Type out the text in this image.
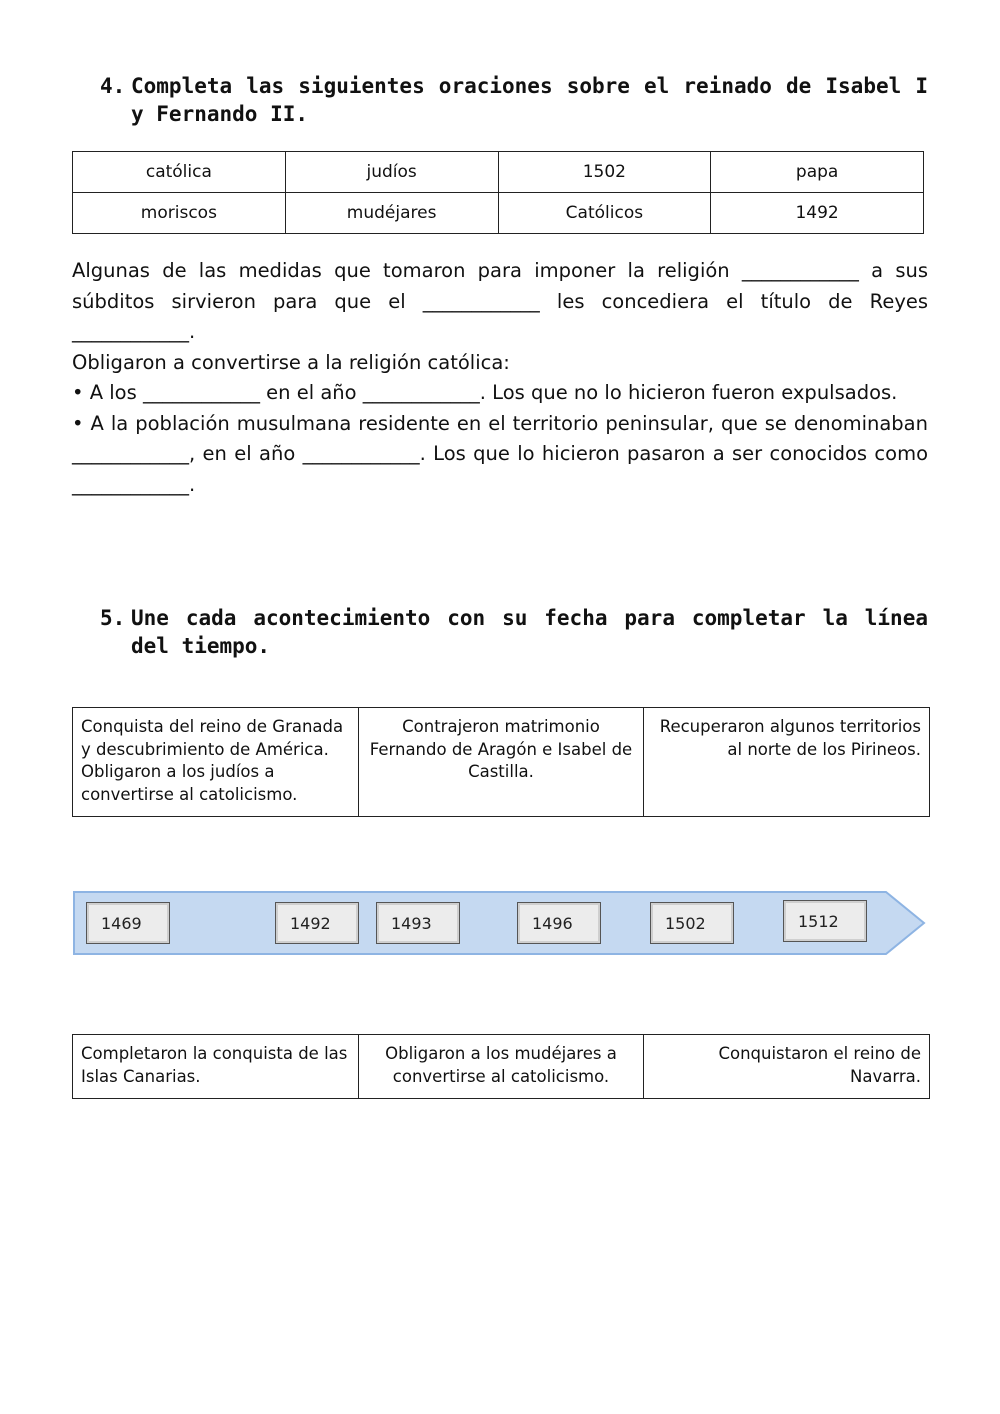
4. Completa las siguientes oraciones sobre el reinado de Isabel I y Fernando II.
católica	judíos	1502	papa
moriscos	mudéjares	Católicos	1492

Algunas de las medidas que tomaron para imponer la religión ____________ a sus súbditos sirvieron para que el ____________ les concediera el título de Reyes ____________.

Obligaron a convertirse a la religión católica:

• A los ____________ en el año ____________. Los que no lo hicieron fueron expulsados.

• A la población musulmana residente en el territorio peninsular, que se denominaban ____________, en el año ____________. Los que lo hicieron pasaron a ser conocidos como ____________.

5. Une cada acontecimiento con su fecha para completar la línea del tiempo.
Conquista del reino de Granada y descubrimiento de América. Obligaron a los judíos a convertirse al catolicismo.	Contrajeron matrimonio Fernando de Aragón e Isabel de Castilla.	Recuperaron algunos territorios al norte de los Pirineos.
1469	1492	1493	1496	1502	1512
Completaron la conquista de las Islas Canarias.	Obligaron a los mudéjares a convertirse al catolicismo.	Conquistaron el reino de Navarra.
